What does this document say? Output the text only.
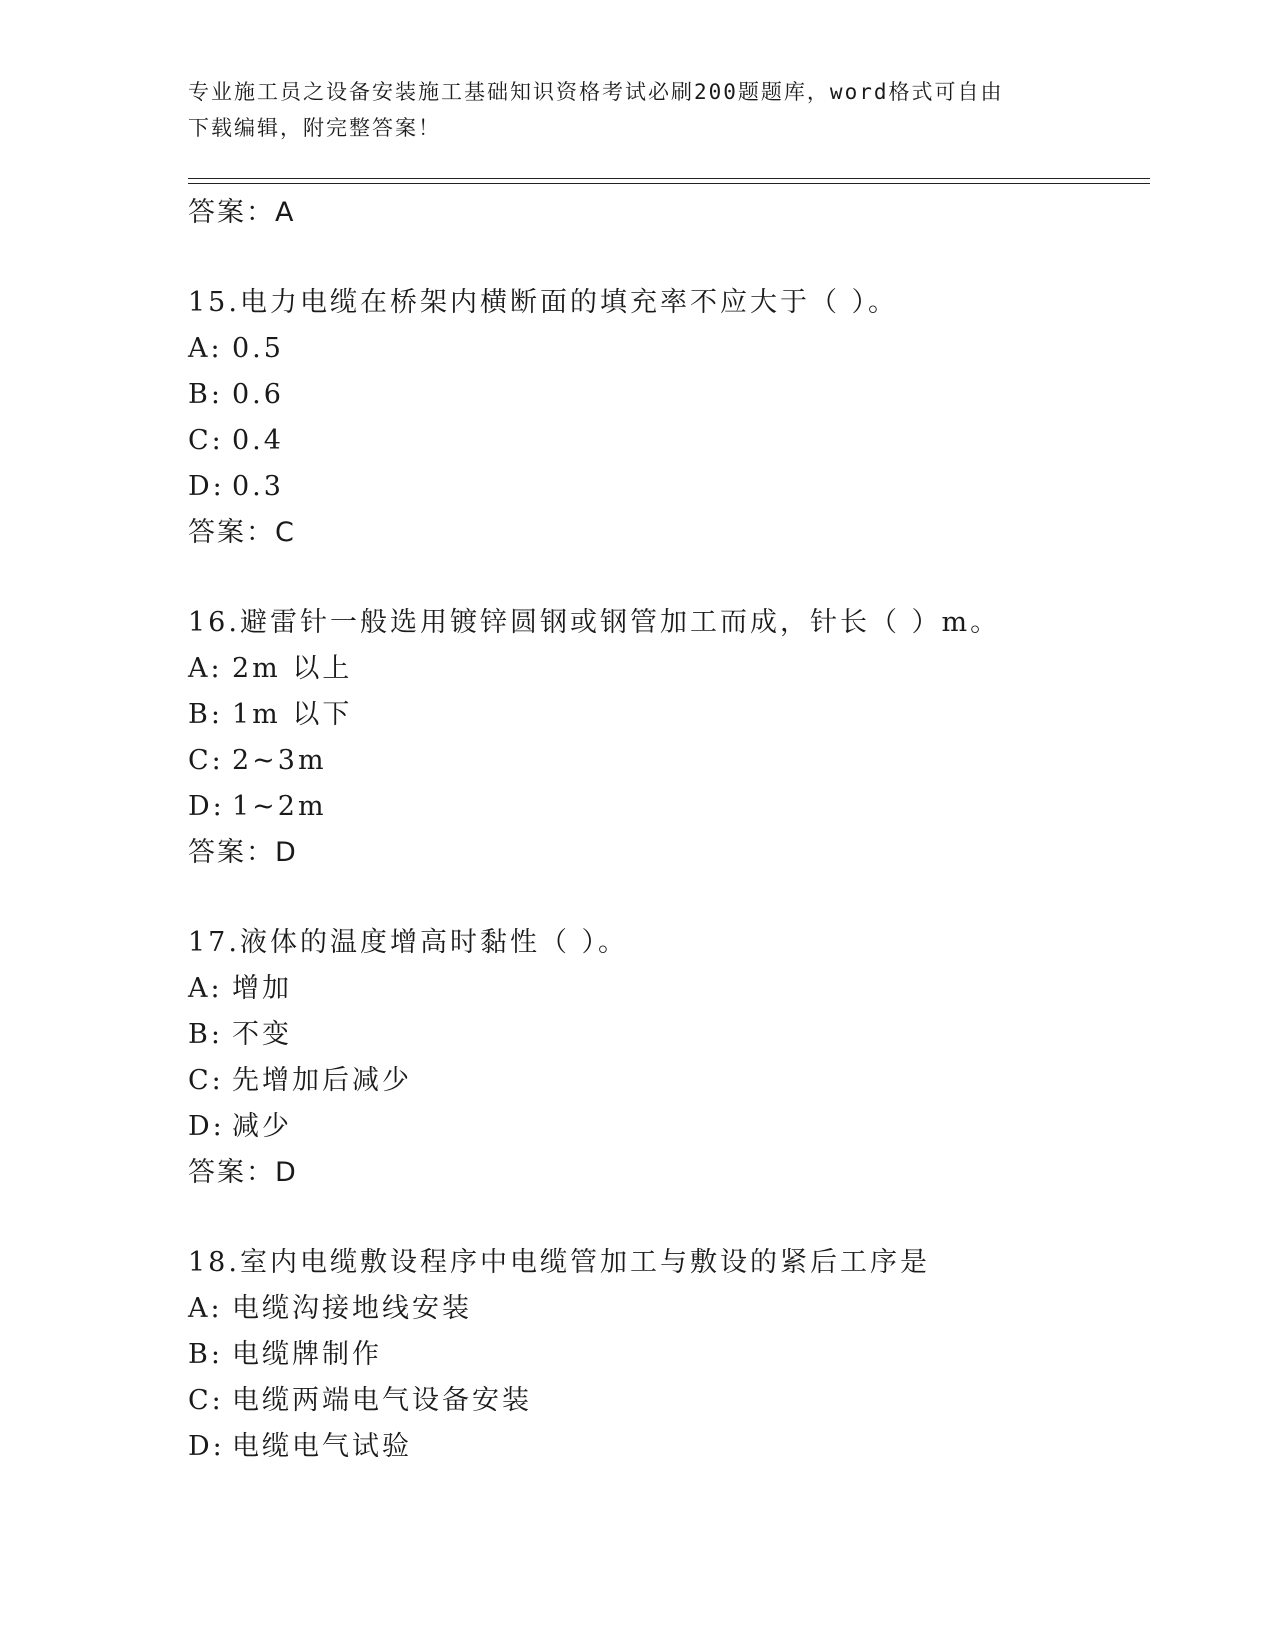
专业施工员之设备安装施工基础知识资格考试必刷200题题库，word格式可自由
下载编辑，附完整答案！
答案：A
15.电力电缆在桥架内横断面的填充率不应大于（ ）。
A: 0.5
B: 0.6
C: 0.4
D: 0.3
答案：C
16.避雷针一般选用镀锌圆钢或钢管加工而成，针长（ ）m。
A: 2m 以上
B: 1m 以下
C: 2~3m
D: 1~2m
答案：D
17.液体的温度增高时黏性（ ）。
A: 增加
B: 不变
C: 先增加后减少
D: 减少
答案：D
18.室内电缆敷设程序中电缆管加工与敷设的紧后工序是
A: 电缆沟接地线安装
B: 电缆牌制作
C: 电缆两端电气设备安装
D: 电缆电气试验
